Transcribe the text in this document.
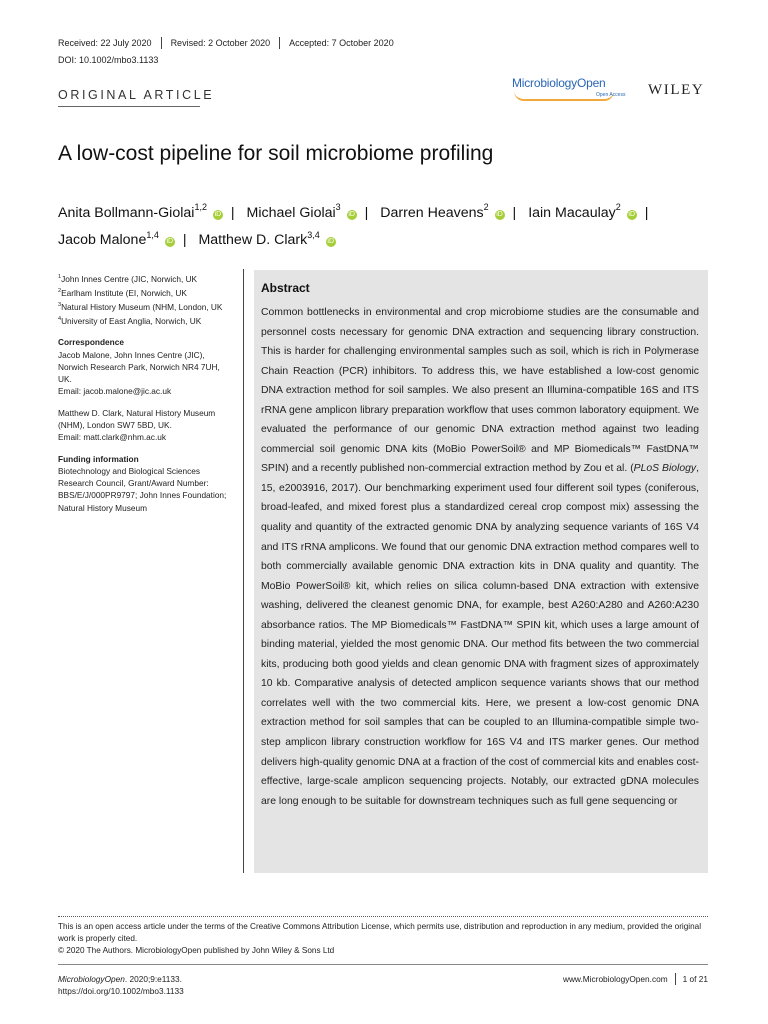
Received: 22 July 2020 Revised: 2 October 2020 Accepted: 7 October 2020
DOI: 10.1002/mbo3.1133
ORIGINAL ARTICLE
MicrobiologyOpen
Open Access WILEY
A low-cost pipeline for soil microbiome profiling
Anita Bollmann-Giolai$^{1,2}$ iD | Michael Giolai$^3$ iD | Darren Heavens$^2$ iD | Iain Macaulay$^2$ iD |
Jacob Malone$^{1,4}$ iD | Matthew D. Clark$^{3,4}$ iD

$^1$John Innes Centre (JIC, Norwich, UK

$^2$Earlham Institute (EI, Norwich, UK

$^3$Natural History Museum (NHM, London, UK

$^4$University of East Anglia, Norwich, UK

Correspondence

Jacob Malone, John Innes Centre (JIC), Norwich Research Park, Norwich NR4 7UH, UK.

Email: jacob.malone@jic.ac.uk

Matthew D. Clark, Natural History Museum (NHM), London SW7 5BD, UK.

Email: matt.clark@nhm.ac.uk

Funding information

Biotechnology and Biological Sciences Research Council, Grant/Award Number: BBS/E/J/000PR9797; John Innes Foundation; Natural History Museum

Abstract

Common bottlenecks in environmental and crop microbiome studies are the consumable and personnel costs necessary for genomic DNA extraction and sequencing library construction. This is harder for challenging environmental samples such as soil, which is rich in Polymerase Chain Reaction (PCR) inhibitors. To address this, we have established a low-cost genomic DNA extraction method for soil samples. We also present an Illumina-compatible 16S and ITS rRNA gene amplicon library preparation workflow that uses common laboratory equipment. We evaluated the performance of our genomic DNA extraction method against two leading commercial soil genomic DNA kits (MoBio PowerSoil® and MP Biomedicals™ FastDNA™ SPIN) and a recently published non-commercial extraction method by Zou et al. (PLoS Biology, 15, e2003916, 2017). Our benchmarking experiment used four different soil types (coniferous, broad-leafed, and mixed forest plus a standardized cereal crop compost mix) assessing the quality and quantity of the extracted genomic DNA by analyzing sequence variants of 16S V4 and ITS rRNA amplicons. We found that our genomic DNA extraction method compares well to both commercially available genomic DNA extraction kits in DNA quality and quantity. The MoBio PowerSoil® kit, which relies on silica column-based DNA extraction with extensive washing, delivered the cleanest genomic DNA, for example, best A260:A280 and A260:A230 absorbance ratios. The MP Biomedicals™ FastDNA™ SPIN kit, which uses a large amount of binding material, yielded the most genomic DNA. Our method fits between the two commercial kits, producing both good yields and clean genomic DNA with fragment sizes of approximately 10 kb. Comparative analysis of detected amplicon sequence variants shows that our method correlates well with the two commercial kits. Here, we present a low-cost genomic DNA extraction method for soil samples that can be coupled to an Illumina-compatible simple two-step amplicon library construction workflow for 16S V4 and ITS marker genes. Our method delivers high-quality genomic DNA at a fraction of the cost of commercial kits and enables cost-effective, large-scale amplicon sequencing projects. Notably, our extracted gDNA molecules are long enough to be suitable for downstream techniques such as full gene sequencing or

This is an open access article under the terms of the Creative Commons Attribution License, which permits use, distribution and reproduction in any medium, provided the original work is properly cited.

© 2020 The Authors. MicrobiologyOpen published by John Wiley & Sons Ltd

MicrobiologyOpen. 2020;9:e1133.

https://doi.org/10.1002/mbo3.1133

www.MicrobiologyOpen.com 1 of 21
